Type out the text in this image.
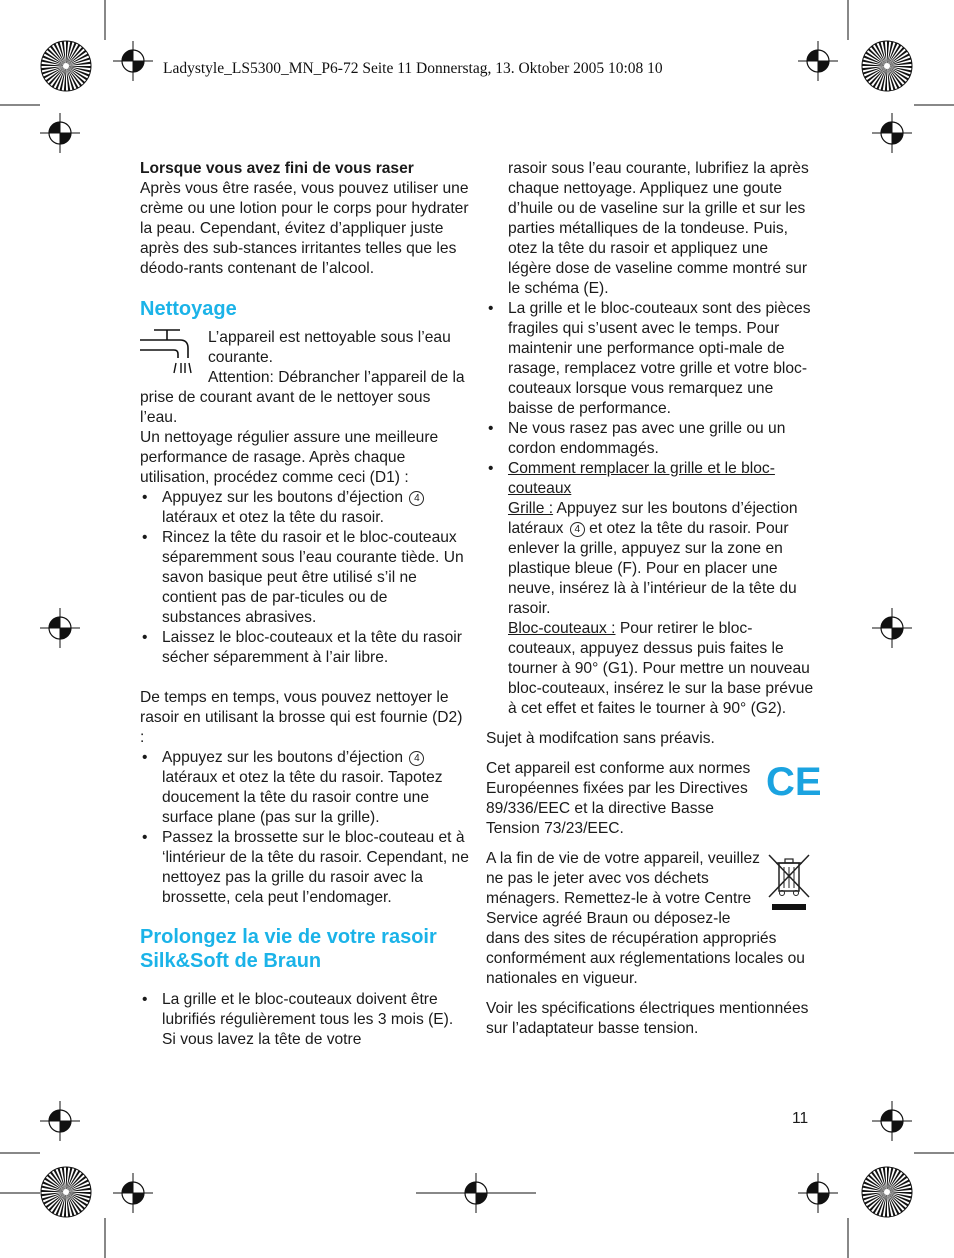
Ladystyle_LS5300_MN_P6-72 Seite 11 Donnerstag, 13. Oktober 2005 10:08 10

Lorsque vous avez fini de vous raser

Après vous être rasée, vous pouvez utiliser une crème ou une lotion pour le corps pour hydrater la peau. Cependant, évitez d’appliquer juste après des sub-stances irritantes telles que les déodo-rants contenant de l’alcool.

Nettoyage

L’appareil est nettoyable sous l’eau courante.

Attention: Débrancher l’appareil de la prise de courant avant de le nettoyer sous l’eau.

Un nettoyage régulier assure une meilleure performance de rasage. Après chaque utilisation, procédez comme ceci (D1) :

• Appuyez sur les boutons d’éjection 4 latéraux et otez la tête du rasoir.
• Rincez la tête du rasoir et le bloc-couteaux séparemment sous l’eau courante tiède. Un savon basique peut être utilisé s’il ne contient pas de par-ticules ou de substances abrasives.
• Laissez le bloc-couteaux et la tête du rasoir sécher séparemment à l’air libre.

De temps en temps, vous pouvez nettoyer le rasoir en utilisant la brosse qui est fournie (D2) :

• Appuyez sur les boutons d’éjection 4 latéraux et otez la tête du rasoir. Tapotez doucement la tête du rasoir contre une surface plane (pas sur la grille).
• Passez la brossette sur le bloc-couteau et à ‘lintérieur de la tête du rasoir. Cependant, ne nettoyez pas la grille du rasoir avec la brossette, cela peut l’endomager.
Prolongez la vie de votre rasoir Silk&Soft de Braun
• La grille et le bloc-couteaux doivent être lubrifiés régulièrement tous les 3 mois (E). Si vous lavez la tête de votre

rasoir sous l’eau courante, lubrifiez la après chaque nettoyage. Appliquez une goute d’huile ou de vaseline sur la grille et sur les parties métalliques de la tondeuse. Puis, otez la tête du rasoir et appliquez une légère dose de vaseline comme montré sur le schéma (E).

• La grille et le bloc-couteaux sont des pièces fragiles qui s’usent avec le temps. Pour maintenir une performance opti-male de rasage, remplacez votre grille et votre bloc-couteaux lorsque vous remarquez une baisse de performance.
• Ne vous rasez pas avec une grille ou un cordon endommagés.
• Comment remplacer la grille et le bloc-couteaux
Grille : Appuyez sur les boutons d’éjection latéraux 4 et otez la tête du rasoir. Pour enlever la grille, appuyez sur la zone en plastique bleue (F). Pour en placer une neuve, insérez là à l’intérieur de la tête du rasoir.
Bloc-couteaux : Pour retirer le bloc-couteaux, appuyez dessus puis faites le tourner à 90° (G1). Pour mettre un nouveau bloc-couteaux, insérez le sur la base prévue à cet effet et faites le tourner à 90° (G2).

Sujet à modifcation sans préavis.

Cet appareil est conforme aux normes Européennes fixées par les Directives 89/336/EEC et la directive Basse Tension 73/23/EEC.

CE

A la fin de vie de votre appareil, veuillez ne pas le jeter avec vos déchets ménagers. Remettez-le à votre Centre Service agréé Braun ou déposez-le dans des sites de récupération appropriés conformément aux réglementations locales ou nationales en vigueur.

Voir les spécifications électriques mentionnées sur l’adaptateur basse tension.

11
